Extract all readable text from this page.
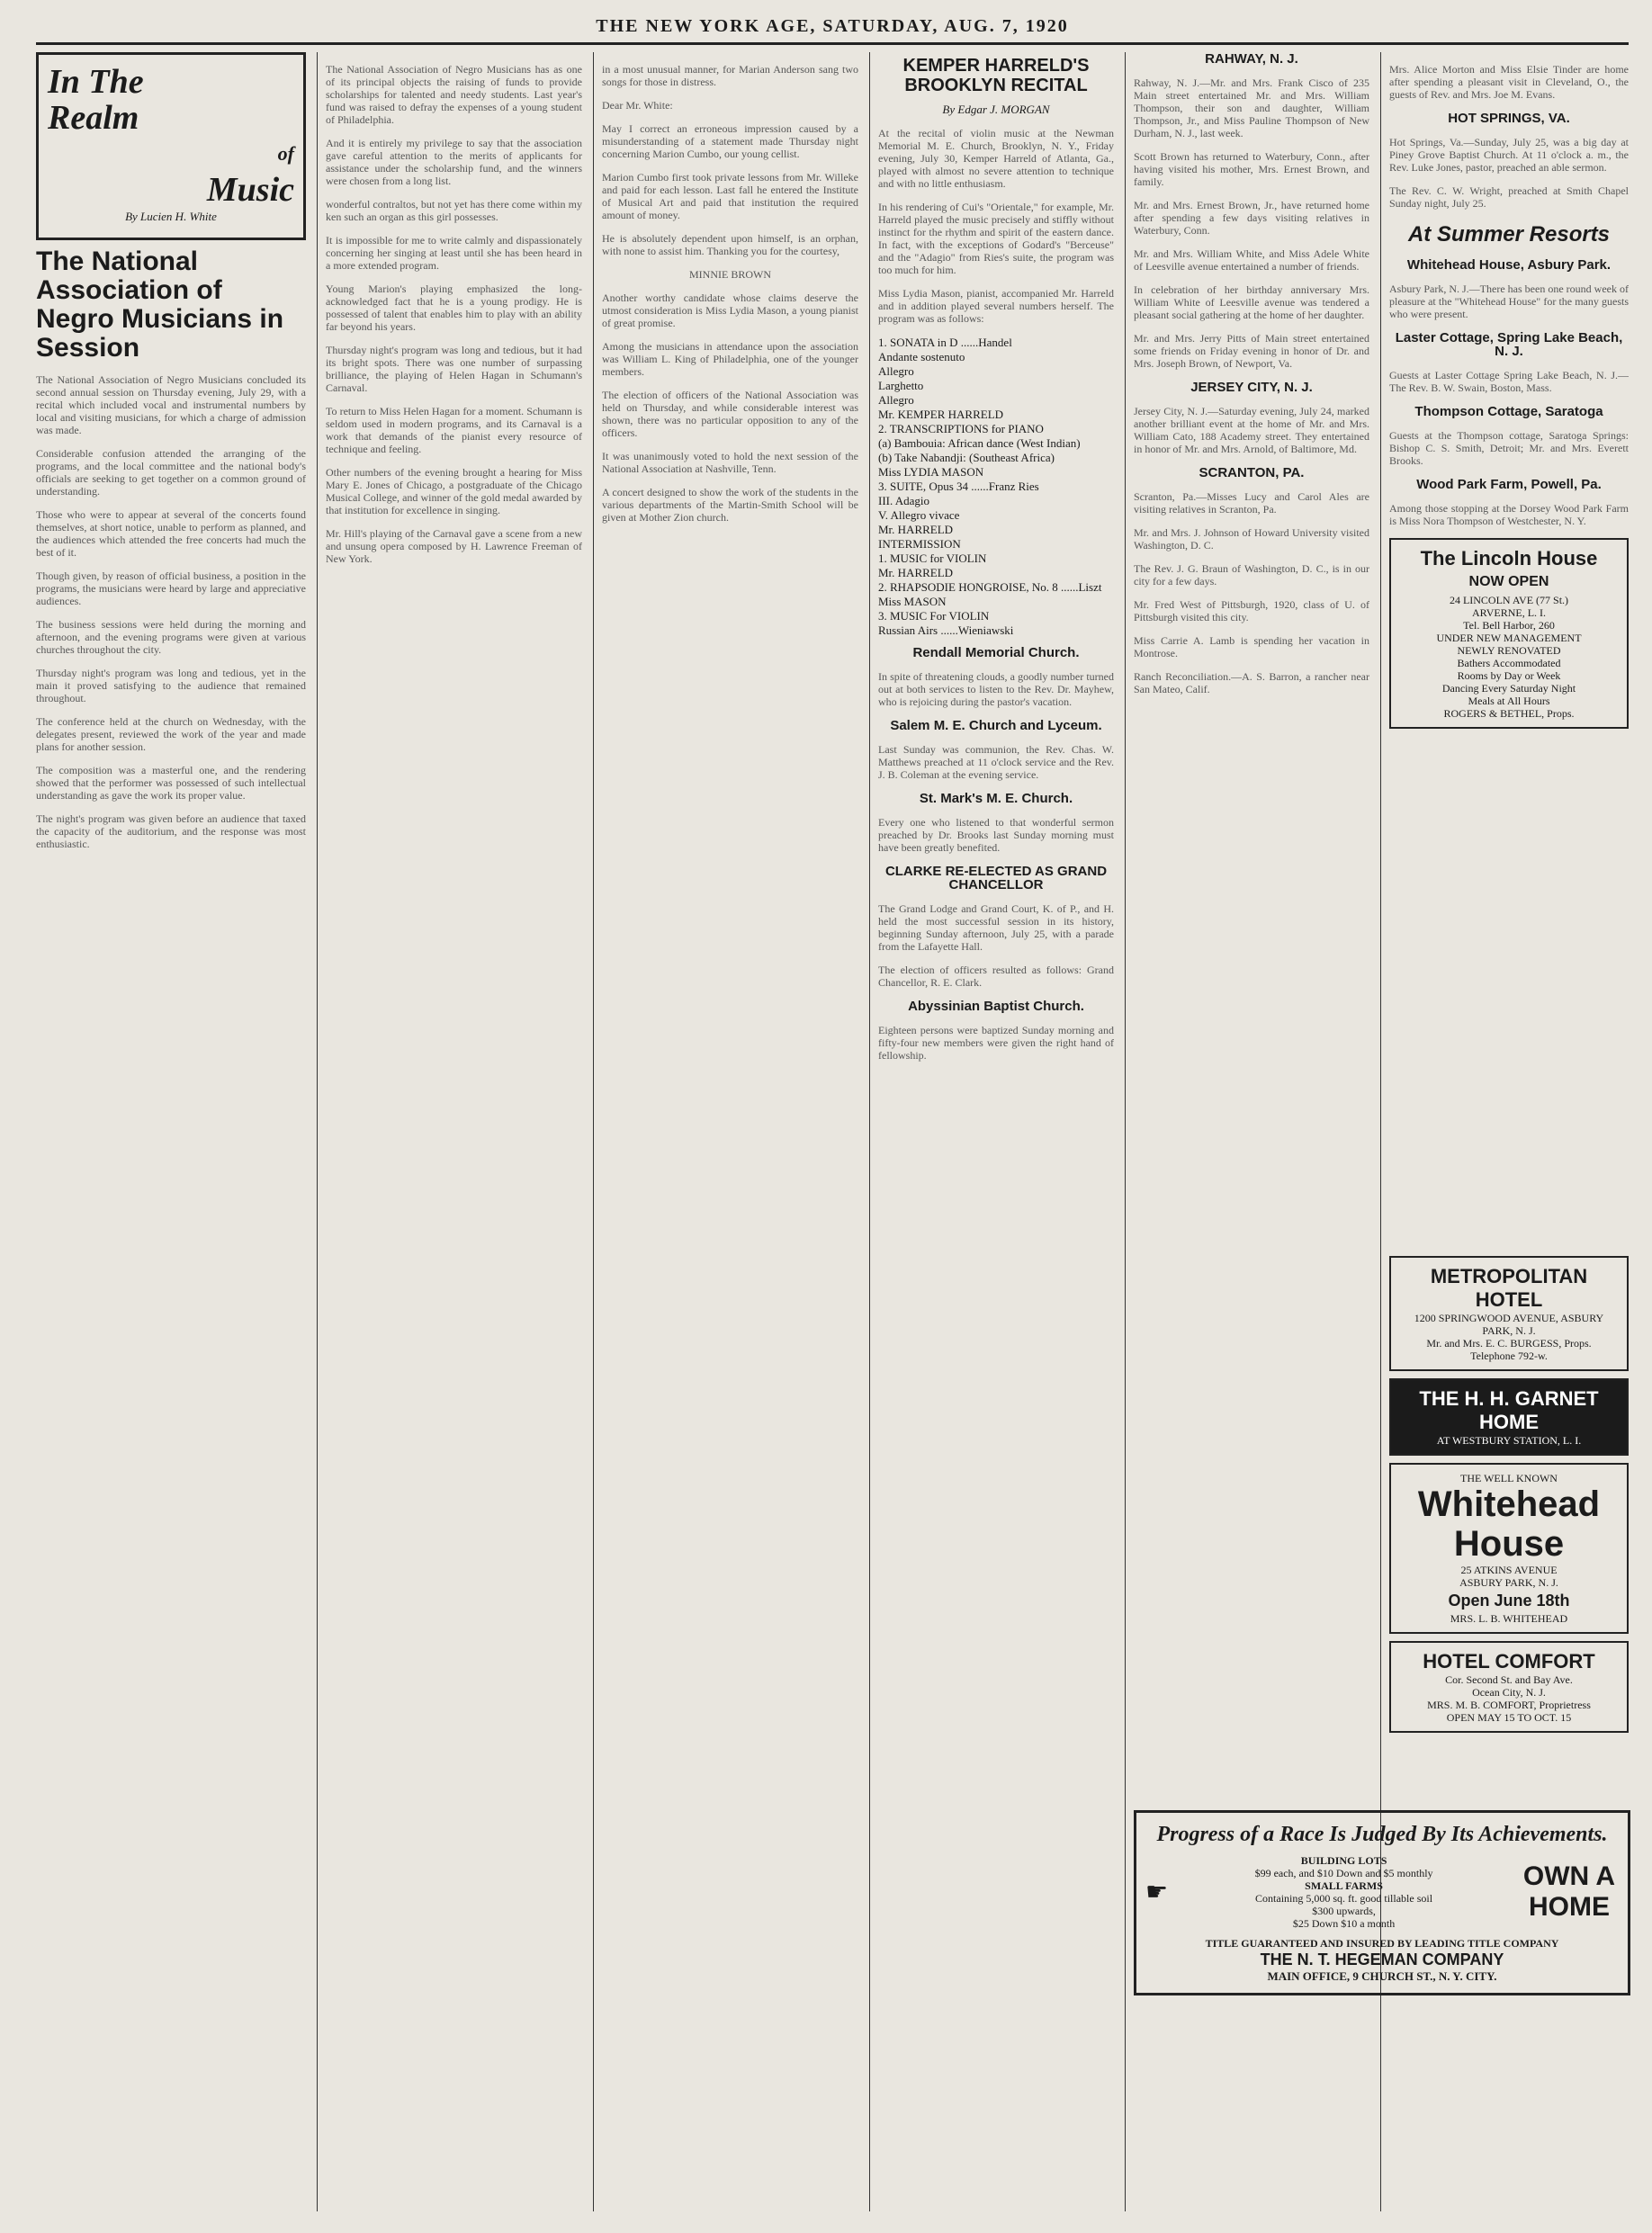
THE NEW YORK AGE, SATURDAY, AUG. 7, 1920
In The
Realm
of
Music
By Lucien H. White
The National Association of Negro Musicians in Session

The National Association of Negro Musicians concluded its second annual session on Thursday evening, July 29, with a recital which included vocal and instrumental numbers by local and visiting musicians, for which a charge of admission was made.

Considerable confusion attended the arranging of the programs, and the local committee and the national body's officials are seeking to get together on a common ground of understanding.

Those who were to appear at several of the concerts found themselves, at short notice, unable to perform as planned, and the audiences which attended the free concerts had much the best of it.

Though given, by reason of official business, a position in the programs, the musicians were heard by large and appreciative audiences.

The business sessions were held during the morning and afternoon, and the evening programs were given at various churches throughout the city.

Thursday night's program was long and tedious, yet in the main it proved satisfying to the audience that remained throughout.

The conference held at the church on Wednesday, with the delegates present, reviewed the work of the year and made plans for another session.

The composition was a masterful one, and the rendering showed that the performer was possessed of such intellectual understanding as gave the work its proper value.

The night's program was given before an audience that taxed the capacity of the auditorium, and the response was most enthusiastic.

The National Association of Negro Musicians has as one of its principal objects the raising of funds to provide scholarships for talented and needy students. Last year's fund was raised to defray the expenses of a young student of Philadelphia.

And it is entirely my privilege to say that the association gave careful attention to the merits of applicants for assistance under the scholarship fund, and the winners were chosen from a long list.

wonderful contraltos, but not yet has there come within my ken such an organ as this girl possesses.

It is impossible for me to write calmly and dispassionately concerning her singing at least until she has been heard in a more extended program.

Young Marion's playing emphasized the long-acknowledged fact that he is a young prodigy. He is possessed of talent that enables him to play with an ability far beyond his years.

Thursday night's program was long and tedious, but it had its bright spots. There was one number of surpassing brilliance, the playing of Helen Hagan in Schumann's Carnaval.

To return to Miss Helen Hagan for a moment. Schumann is seldom used in modern programs, and its Carnaval is a work that demands of the pianist every resource of technique and feeling.

Other numbers of the evening brought a hearing for Miss Mary E. Jones of Chicago, a postgraduate of the Chicago Musical College, and winner of the gold medal awarded by that institution for excellence in singing.

Mr. Hill's playing of the Carnaval gave a scene from a new and unsung opera composed by H. Lawrence Freeman of New York.

in a most unusual manner, for Marian Anderson sang two songs for those in distress.

Dear Mr. White:

May I correct an erroneous impression caused by a misunderstanding of a statement made Thursday night concerning Marion Cumbo, our young cellist.

Marion Cumbo first took private lessons from Mr. Willeke and paid for each lesson. Last fall he entered the Institute of Musical Art and paid that institution the required amount of money.

He is absolutely dependent upon himself, is an orphan, with none to assist him. Thanking you for the courtesy,

MINNIE BROWN

Another worthy candidate whose claims deserve the utmost consideration is Miss Lydia Mason, a young pianist of great promise.

Among the musicians in attendance upon the association was William L. King of Philadelphia, one of the younger members.

The election of officers of the National Association was held on Thursday, and while considerable interest was shown, there was no particular opposition to any of the officers.

It was unanimously voted to hold the next session of the National Association at Nashville, Tenn.

A concert designed to show the work of the students in the various departments of the Martin-Smith School will be given at Mother Zion church.

KEMPER HARRELD'S BROOKLYN RECITAL
By Edgar J. MORGAN

At the recital of violin music at the Newman Memorial M. E. Church, Brooklyn, N. Y., Friday evening, July 30, Kemper Harreld of Atlanta, Ga., played with almost no severe attention to technique and with no little enthusiasm.

In his rendering of Cui's "Orientale," for example, Mr. Harreld played the music precisely and stiffly without instinct for the rhythm and spirit of the eastern dance. In fact, with the exceptions of Godard's "Berceuse" and the "Adagio" from Ries's suite, the program was too much for him.

Miss Lydia Mason, pianist, accompanied Mr. Harreld and in addition played several numbers herself. The program was as follows:

1. SONATA in D ......Handel
Andante sostenuto
Allegro
Larghetto
Allegro
Mr. KEMPER HARRELD
2. TRANSCRIPTIONS for PIANO
(a) Bambouia: African dance (West Indian)
(b) Take Nabandji: (Southeast Africa)
Miss LYDIA MASON
3. SUITE, Opus 34 ......Franz Ries
III. Adagio
V. Allegro vivace
Mr. HARRELD
INTERMISSION
1. MUSIC for VIOLIN
Mr. HARRELD
2. RHAPSODIE HONGROISE, No. 8 ......Liszt
Miss MASON
3. MUSIC For VIOLIN
Russian Airs ......Wieniawski
Rendall Memorial Church.

In spite of threatening clouds, a goodly number turned out at both services to listen to the Rev. Dr. Mayhew, who is rejoicing during the pastor's vacation.

Salem M. E. Church and Lyceum.

Last Sunday was communion, the Rev. Chas. W. Matthews preached at 11 o'clock service and the Rev. J. B. Coleman at the evening service.

St. Mark's M. E. Church.

Every one who listened to that wonderful sermon preached by Dr. Brooks last Sunday morning must have been greatly benefited.

CLARKE RE-ELECTED AS GRAND CHANCELLOR

The Grand Lodge and Grand Court, K. of P., and H. held the most successful session in its history, beginning Sunday afternoon, July 25, with a parade from the Lafayette Hall.

The election of officers resulted as follows: Grand Chancellor, R. E. Clark.

Abyssinian Baptist Church.

Eighteen persons were baptized Sunday morning and fifty-four new members were given the right hand of fellowship.

RAHWAY, N. J.

Rahway, N. J.—Mr. and Mrs. Frank Cisco of 235 Main street entertained Mr. and Mrs. William Thompson, their son and daughter, William Thompson, Jr., and Miss Pauline Thompson of New Durham, N. J., last week.

Scott Brown has returned to Waterbury, Conn., after having visited his mother, Mrs. Ernest Brown, and family.

Mr. and Mrs. Ernest Brown, Jr., have returned home after spending a few days visiting relatives in Waterbury, Conn.

Mr. and Mrs. William White, and Miss Adele White of Leesville avenue entertained a number of friends.

In celebration of her birthday anniversary Mrs. William White of Leesville avenue was tendered a pleasant social gathering at the home of her daughter.

Mr. and Mrs. Jerry Pitts of Main street entertained some friends on Friday evening in honor of Dr. and Mrs. Joseph Brown, of Newport, Va.

JERSEY CITY, N. J.

Jersey City, N. J.—Saturday evening, July 24, marked another brilliant event at the home of Mr. and Mrs. William Cato, 188 Academy street. They entertained in honor of Mr. and Mrs. Arnold, of Baltimore, Md.

SCRANTON, PA.

Scranton, Pa.—Misses Lucy and Carol Ales are visiting relatives in Scranton, Pa.

Mr. and Mrs. J. Johnson of Howard University visited Washington, D. C.

The Rev. J. G. Braun of Washington, D. C., is in our city for a few days.

Mr. Fred West of Pittsburgh, 1920, class of U. of Pittsburgh visited this city.

Miss Carrie A. Lamb is spending her vacation in Montrose.

Ranch Reconciliation.—A. S. Barron, a rancher near San Mateo, Calif.

Mrs. Alice Morton and Miss Elsie Tinder are home after spending a pleasant visit in Cleveland, O., the guests of Rev. and Mrs. Joe M. Evans.

HOT SPRINGS, VA.

Hot Springs, Va.—Sunday, July 25, was a big day at Piney Grove Baptist Church. At 11 o'clock a. m., the Rev. Luke Jones, pastor, preached an able sermon.

The Rev. C. W. Wright, preached at Smith Chapel Sunday night, July 25.

At Summer Resorts
Whitehead House, Asbury Park.

Asbury Park, N. J.—There has been one round week of pleasure at the "Whitehead House" for the many guests who were present.

Laster Cottage, Spring Lake Beach, N. J.

Guests at Laster Cottage Spring Lake Beach, N. J.—The Rev. B. W. Swain, Boston, Mass.

Thompson Cottage, Saratoga

Guests at the Thompson cottage, Saratoga Springs: Bishop C. S. Smith, Detroit; Mr. and Mrs. Everett Brooks.

Wood Park Farm, Powell, Pa.

Among those stopping at the Dorsey Wood Park Farm is Miss Nora Thompson of Westchester, N. Y.

The Lincoln House
NOW OPEN
24 LINCOLN AVE (77 St.)
ARVERNE, L. I.
Tel. Bell Harbor, 260
UNDER NEW MANAGEMENT
NEWLY RENOVATED
Bathers Accommodated
Rooms by Day or Week
Dancing Every Saturday Night
Meals at All Hours
ROGERS & BETHEL, Props.
METROPOLITAN HOTEL
1200 SPRINGWOOD AVENUE, ASBURY PARK, N. J.
Mr. and Mrs. E. C. BURGESS, Props.
Telephone 792-w.
THE H. H. GARNET HOME
AT WESTBURY STATION, L. I.
THE WELL KNOWN
Whitehead
House
25 ATKINS AVENUE
ASBURY PARK, N. J.
Open June 18th
MRS. L. B. WHITEHEAD
HOTEL COMFORT
Cor. Second St. and Bay Ave.
Ocean City, N. J.
MRS. M. B. COMFORT, Proprietress
OPEN MAY 15 TO OCT. 15
Progress of a Race Is Judged By Its Achievements.
☛
BUILDING LOTS
$99 each, and $10 Down and $5 monthly
SMALL FARMS
Containing 5,000 sq. ft. good tillable soil
$300 upwards,
$25 Down $10 a month
OWN A HOME
TITLE GUARANTEED AND INSURED BY LEADING TITLE COMPANY
THE N. T. HEGEMAN COMPANY
MAIN OFFICE, 9 CHURCH ST., N. Y. CITY.
